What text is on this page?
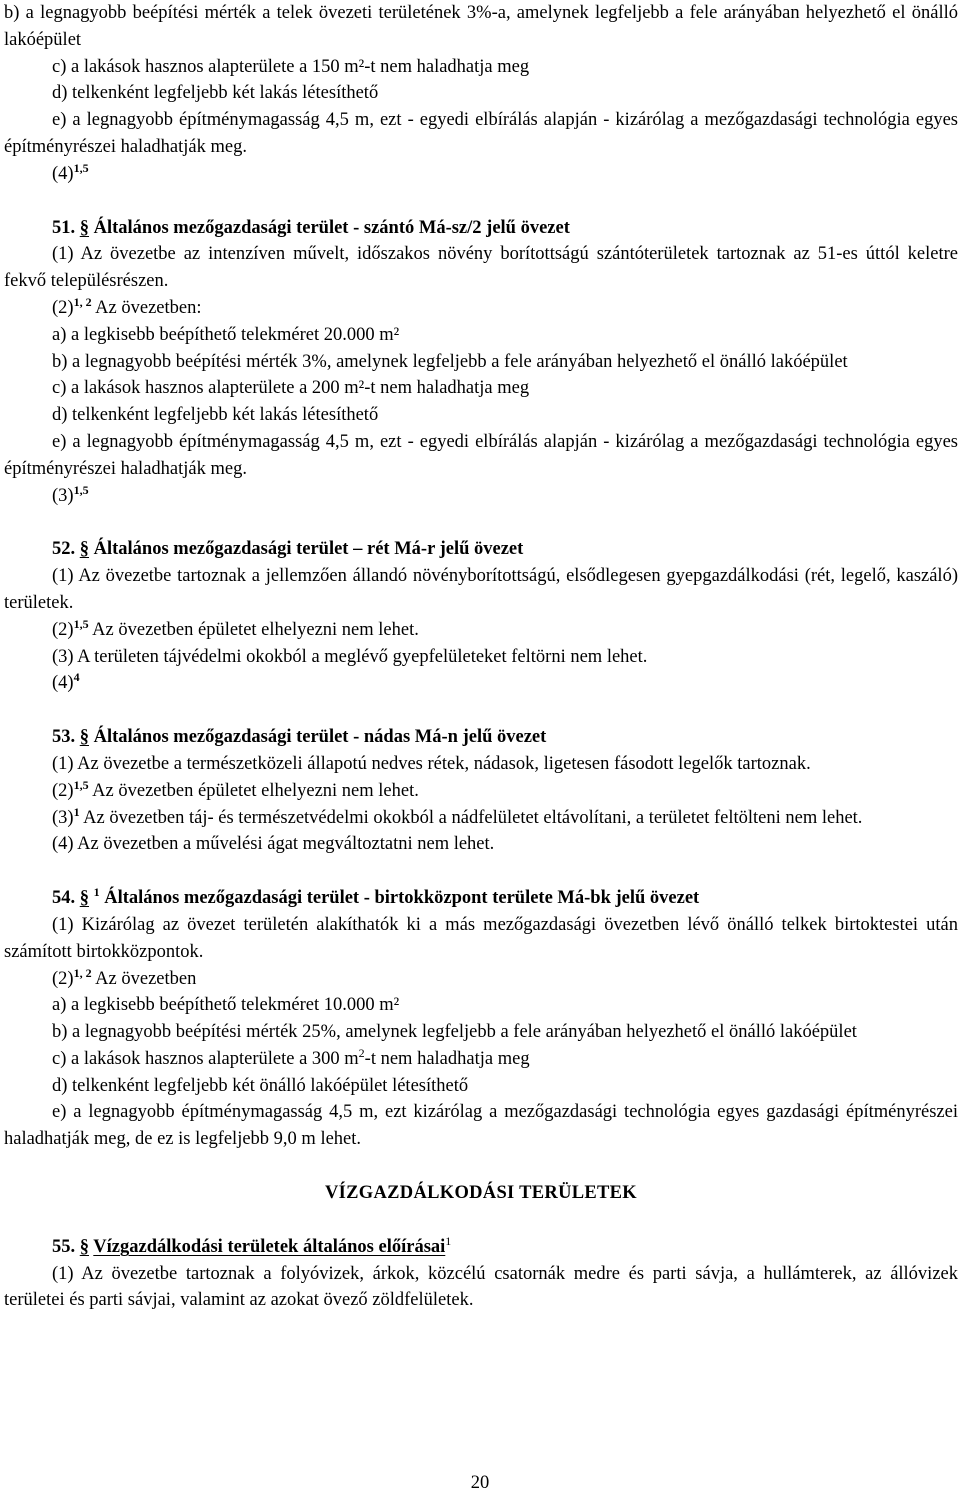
b) a legnagyobb beépítési mérték a telek övezeti területének 3%-a, amelynek legfeljebb a fele arányában helyezhető el önálló lakóépület

c) a lakások hasznos alapterülete a 150 m²-t nem haladhatja meg

d) telkenként legfeljebb két lakás létesíthető

e) a legnagyobb építménymagasság 4,5 m, ezt - egyedi elbírálás alapján - kizárólag a mezőgazdasági technológia egyes építményrészei haladhatják meg.

$(4)^{1,5}$

51. § Általános mezőgazdasági terület - szántó Má-sz/2 jelű övezet

(1) Az övezetbe az intenzíven művelt, időszakos növény borítottságú szántóterületek tartoznak az 51-es úttól keletre fekvő településrészen.

$(2)^{1, 2}$ Az övezetben:

a) a legkisebb beépíthető telekméret 20.000 m²

b) a legnagyobb beépítési mérték 3%, amelynek legfeljebb a fele arányában helyezhető el önálló lakóépület

c) a lakások hasznos alapterülete a 200 m²-t nem haladhatja meg

d) telkenként legfeljebb két lakás létesíthető

e) a legnagyobb építménymagasság 4,5 m, ezt - egyedi elbírálás alapján - kizárólag a mezőgazdasági technológia egyes építményrészei haladhatják meg.

$(3)^{1,5}$

52. § Általános mezőgazdasági terület – rét Má-r jelű övezet

(1) Az övezetbe tartoznak a jellemzően állandó növényborítottságú, elsődlegesen gyepgazdálkodási (rét, legelő, kaszáló) területek.

$(2)^{1,5}$ Az övezetben épületet elhelyezni nem lehet.

(3) A területen tájvédelmi okokból a meglévő gyepfelületeket feltörni nem lehet.

$(4)^4$

53. § Általános mezőgazdasági terület - nádas Má-n jelű övezet

(1) Az övezetbe a természetközeli állapotú nedves rétek, nádasok, ligetesen fásodott legelők tartoznak.

$(2)^{1,5}$ Az övezetben épületet elhelyezni nem lehet.

$(3)^1$ Az övezetben táj- és természetvédelmi okokból a nádfelületet eltávolítani, a területet feltölteni nem lehet.

(4) Az övezetben a művelési ágat megváltoztatni nem lehet.

54. § $^1$ Általános mezőgazdasági terület - birtokközpont területe Má-bk jelű övezet

(1) Kizárólag az övezet területén alakíthatók ki a más mezőgazdasági övezetben lévő önálló telkek birtoktestei után számított birtokközpontok.

$(2)^{1, 2}$ Az övezetben

a) a legkisebb beépíthető telekméret 10.000 m²

b) a legnagyobb beépítési mérték 25%, amelynek legfeljebb a fele arányában helyezhető el önálló lakóépület

c) a lakások hasznos alapterülete a 300 $m^2-t$ nem haladhatja meg

d) telkenként legfeljebb két önálló lakóépület létesíthető

e) a legnagyobb építménymagasság 4,5 m, ezt kizárólag a mezőgazdasági technológia egyes gazdasági építményrészei haladhatják meg, de ez is legfeljebb 9,0 m lehet.

VÍZGAZDÁLKODÁSI TERÜLETEK

55. § Vízgazdálkodási területek általános előírásai$^1$

(1) Az övezetbe tartoznak a folyóvizek, árkok, közcélú csatornák medre és parti sávja, a hullámterek, az állóvizek területei és parti sávjai, valamint az azokat övező zöldfelületek.

20
